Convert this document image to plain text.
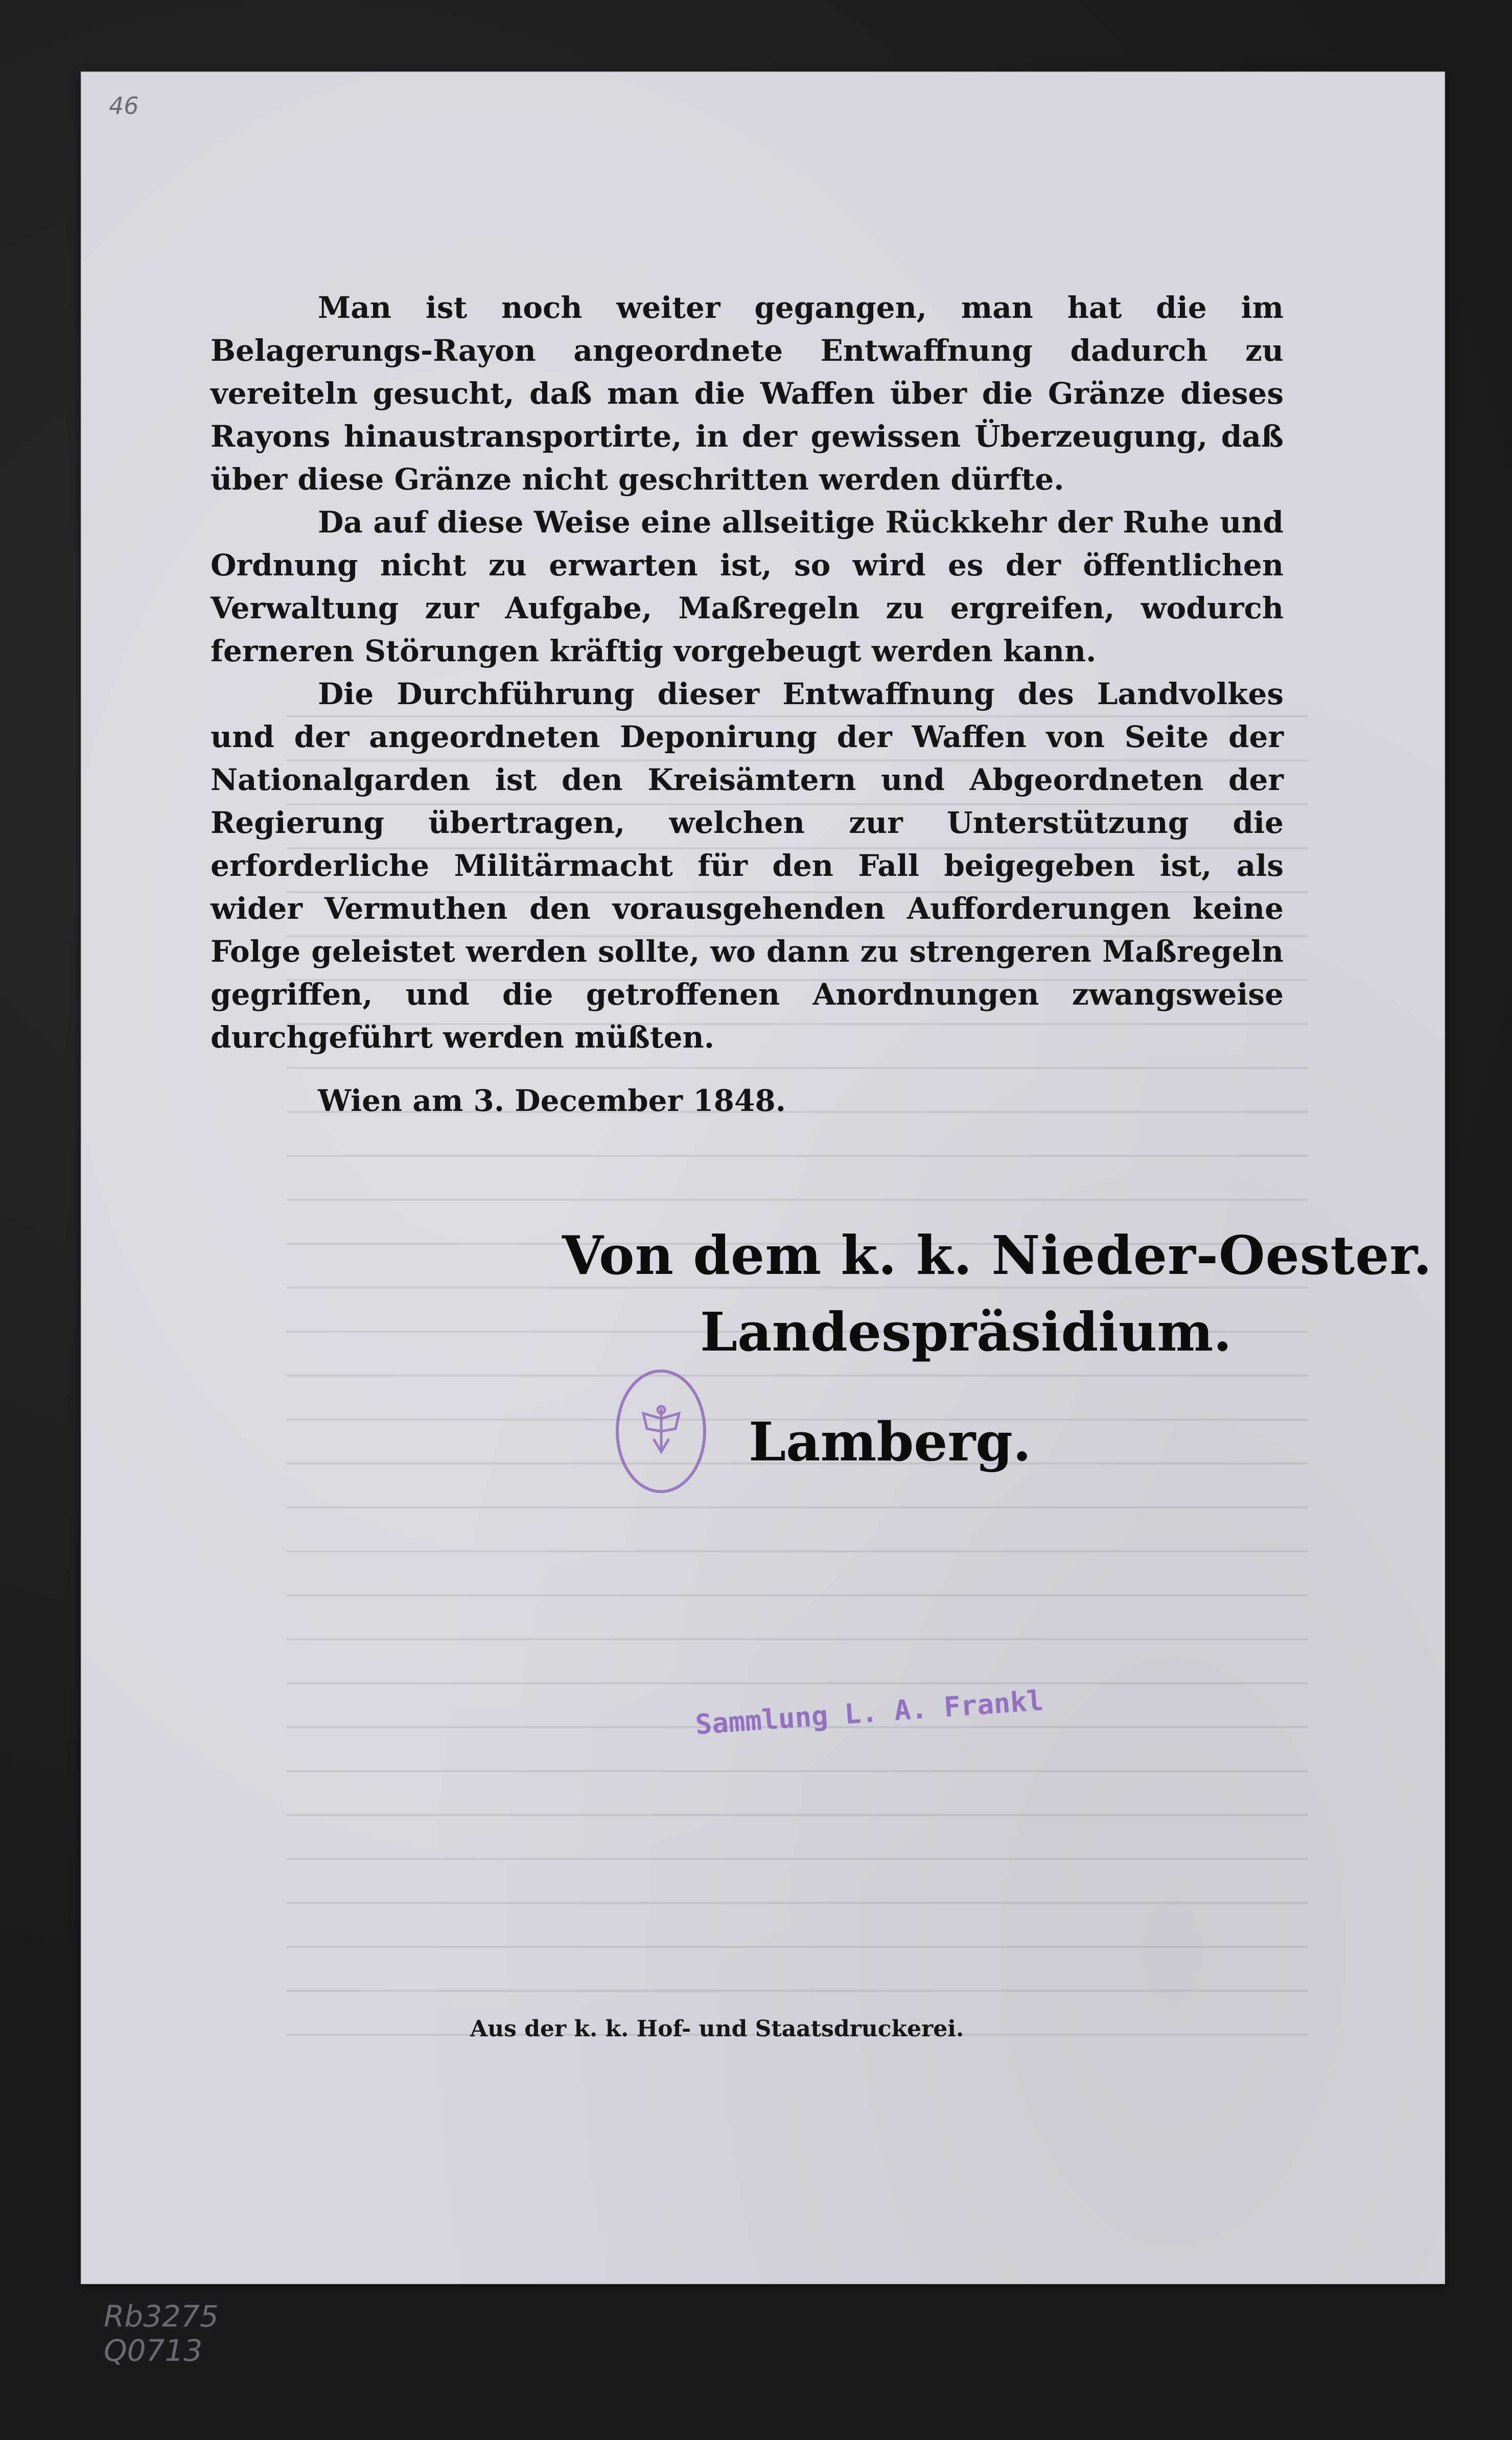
46
Rb3275
Q0713

Man ist noch weiter gegangen, man hat die im Belagerungs-Rayon angeordnete Entwaffnung dadurch zu vereiteln gesucht, daß man die Waffen über die Gränze dieses Rayons hinaustransportirte, in der gewissen Überzeugung, daß über diese Gränze nicht geschritten werden dürfte.

Da auf diese Weise eine allseitige Rückkehr der Ruhe und Ordnung nicht zu erwarten ist, so wird es der öffentlichen Verwaltung zur Aufgabe, Maßregeln zu ergreifen, wodurch ferneren Störungen kräftig vorgebeugt werden kann.

Die Durchführung dieser Entwaffnung des Landvolkes und der angeordneten Deponirung der Waffen von Seite der Nationalgarden ist den Kreisämtern und Abgeordneten der Regierung übertragen, welchen zur Unterstützung die erforderliche Militärmacht für den Fall beigegeben ist, als wider Vermuthen den vorausgehenden Aufforderungen keine Folge geleistet werden sollte, wo dann zu strengeren Maßregeln gegriffen, und die getroffenen Anordnungen zwangsweise durchgeführt werden müßten.

Wien am 3. December 1848.
Von dem k. k. Nieder-Oester.
Landespräsidium.
Lamberg.
Sammlung L. A. Frankl
Aus der k. k. Hof- und Staatsdruckerei.
